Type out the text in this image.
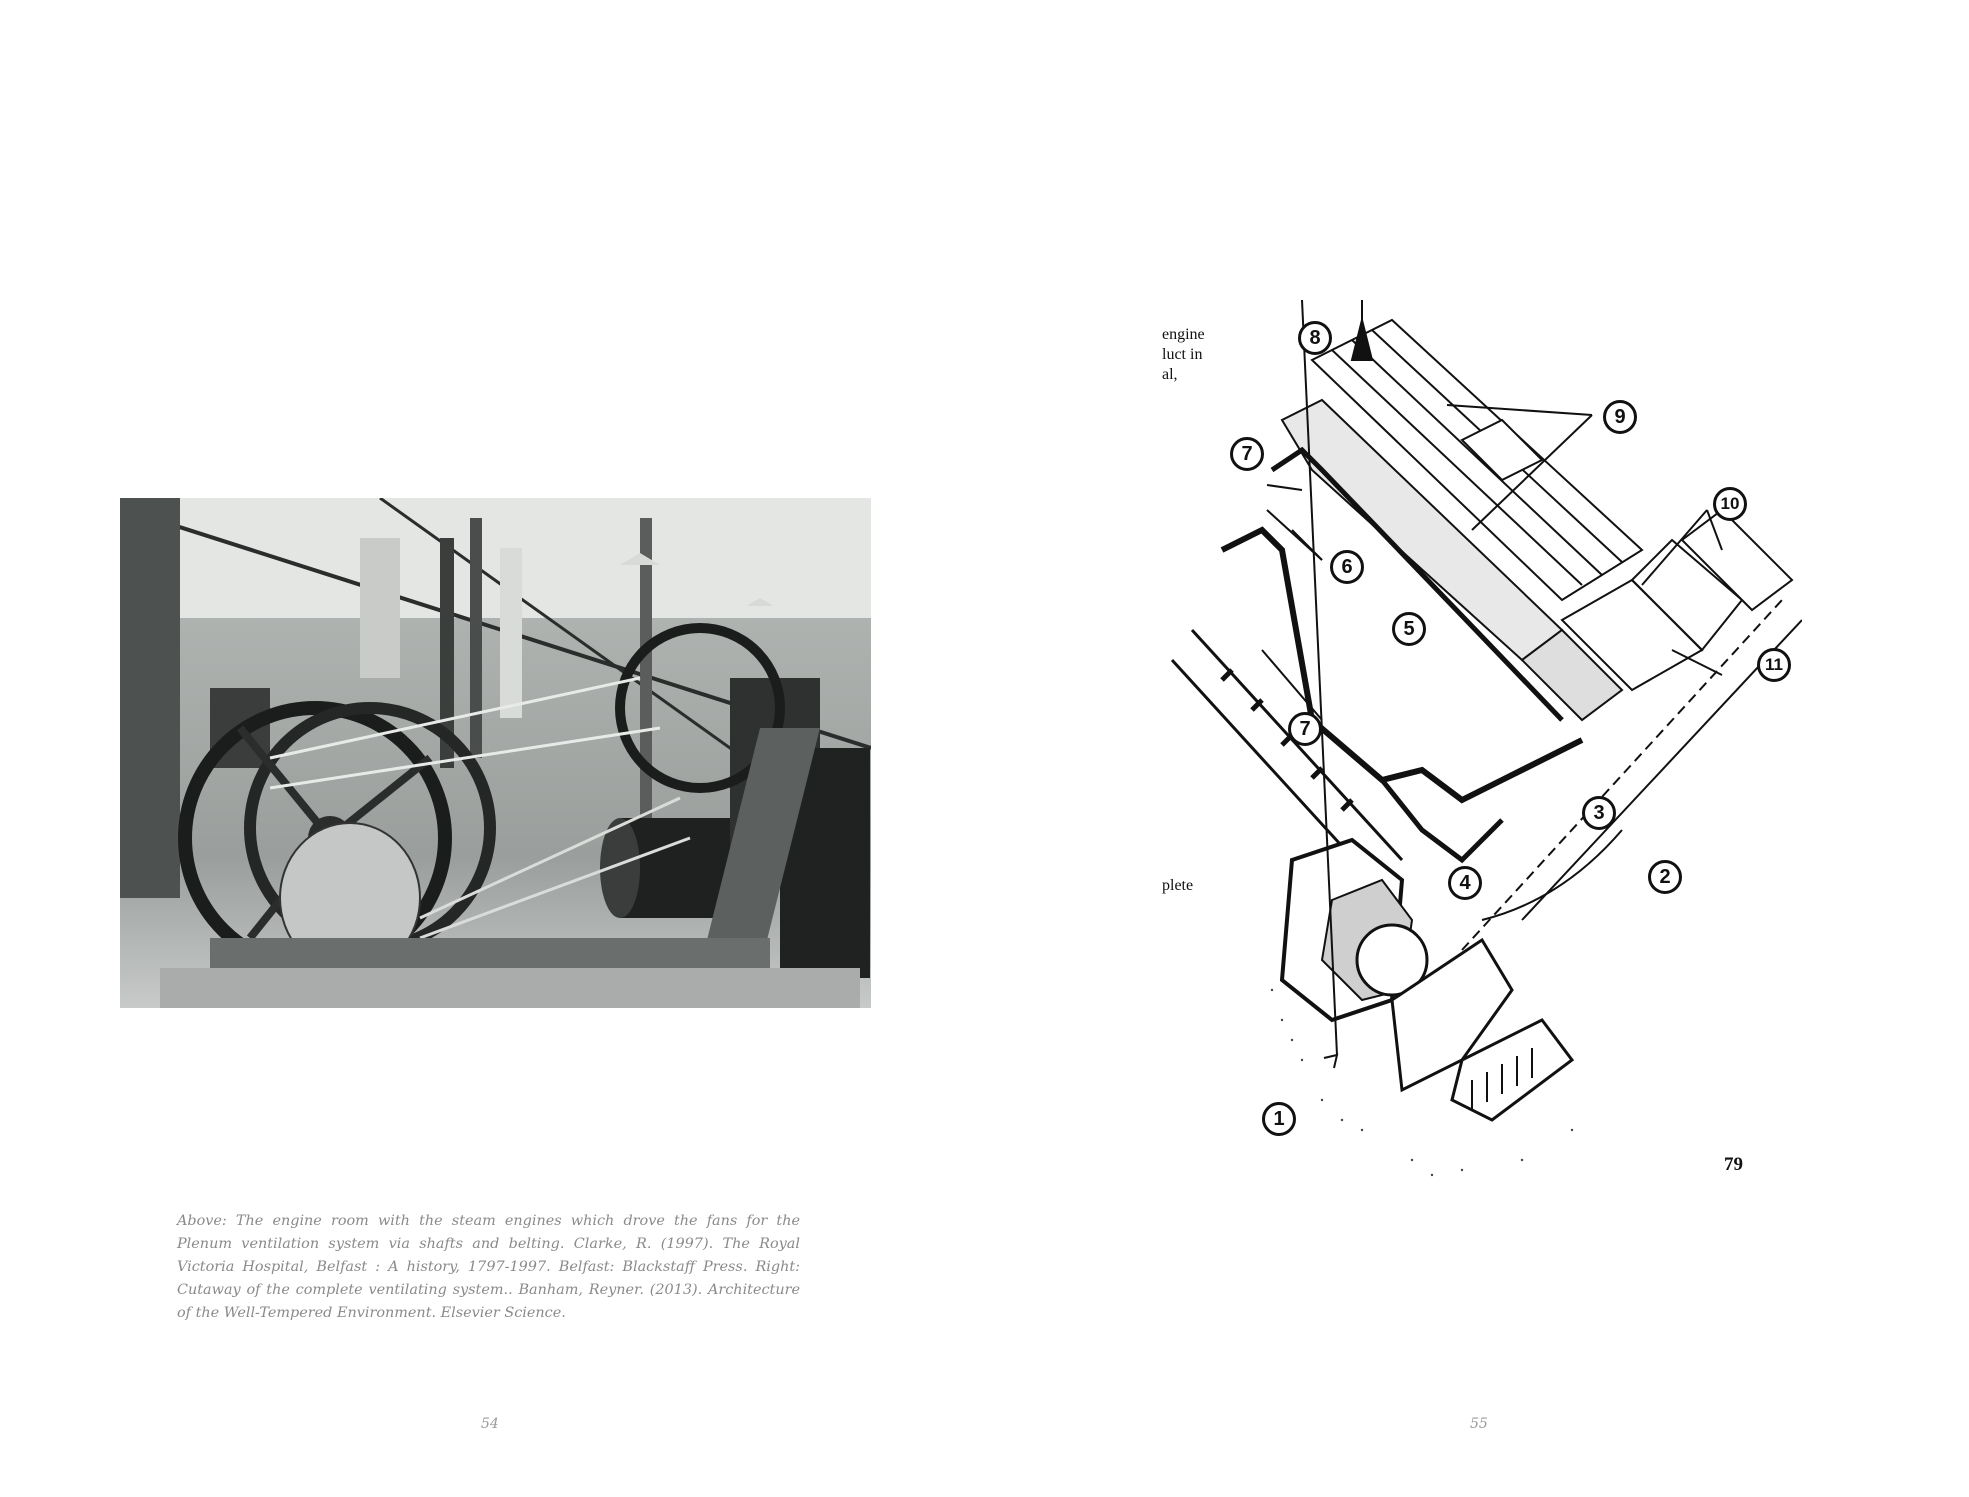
Above: The engine room with the steam engines which drove the fans for the Plenum ventilation system via shafts and belting. Clarke, R. (1997). The Royal Victoria Hospital, Belfast : A history, 1797-1997. Belfast: Blackstaff Press. Right: Cutaway of the complete ventilating system.. Banham, Reyner. (2013). Architecture of the Well-Tempered Environment. Elsevier Science.
54
engine
luct in
al,
plete
1
2
3
4
5
6
7
7
8
9
10
11
79
55
